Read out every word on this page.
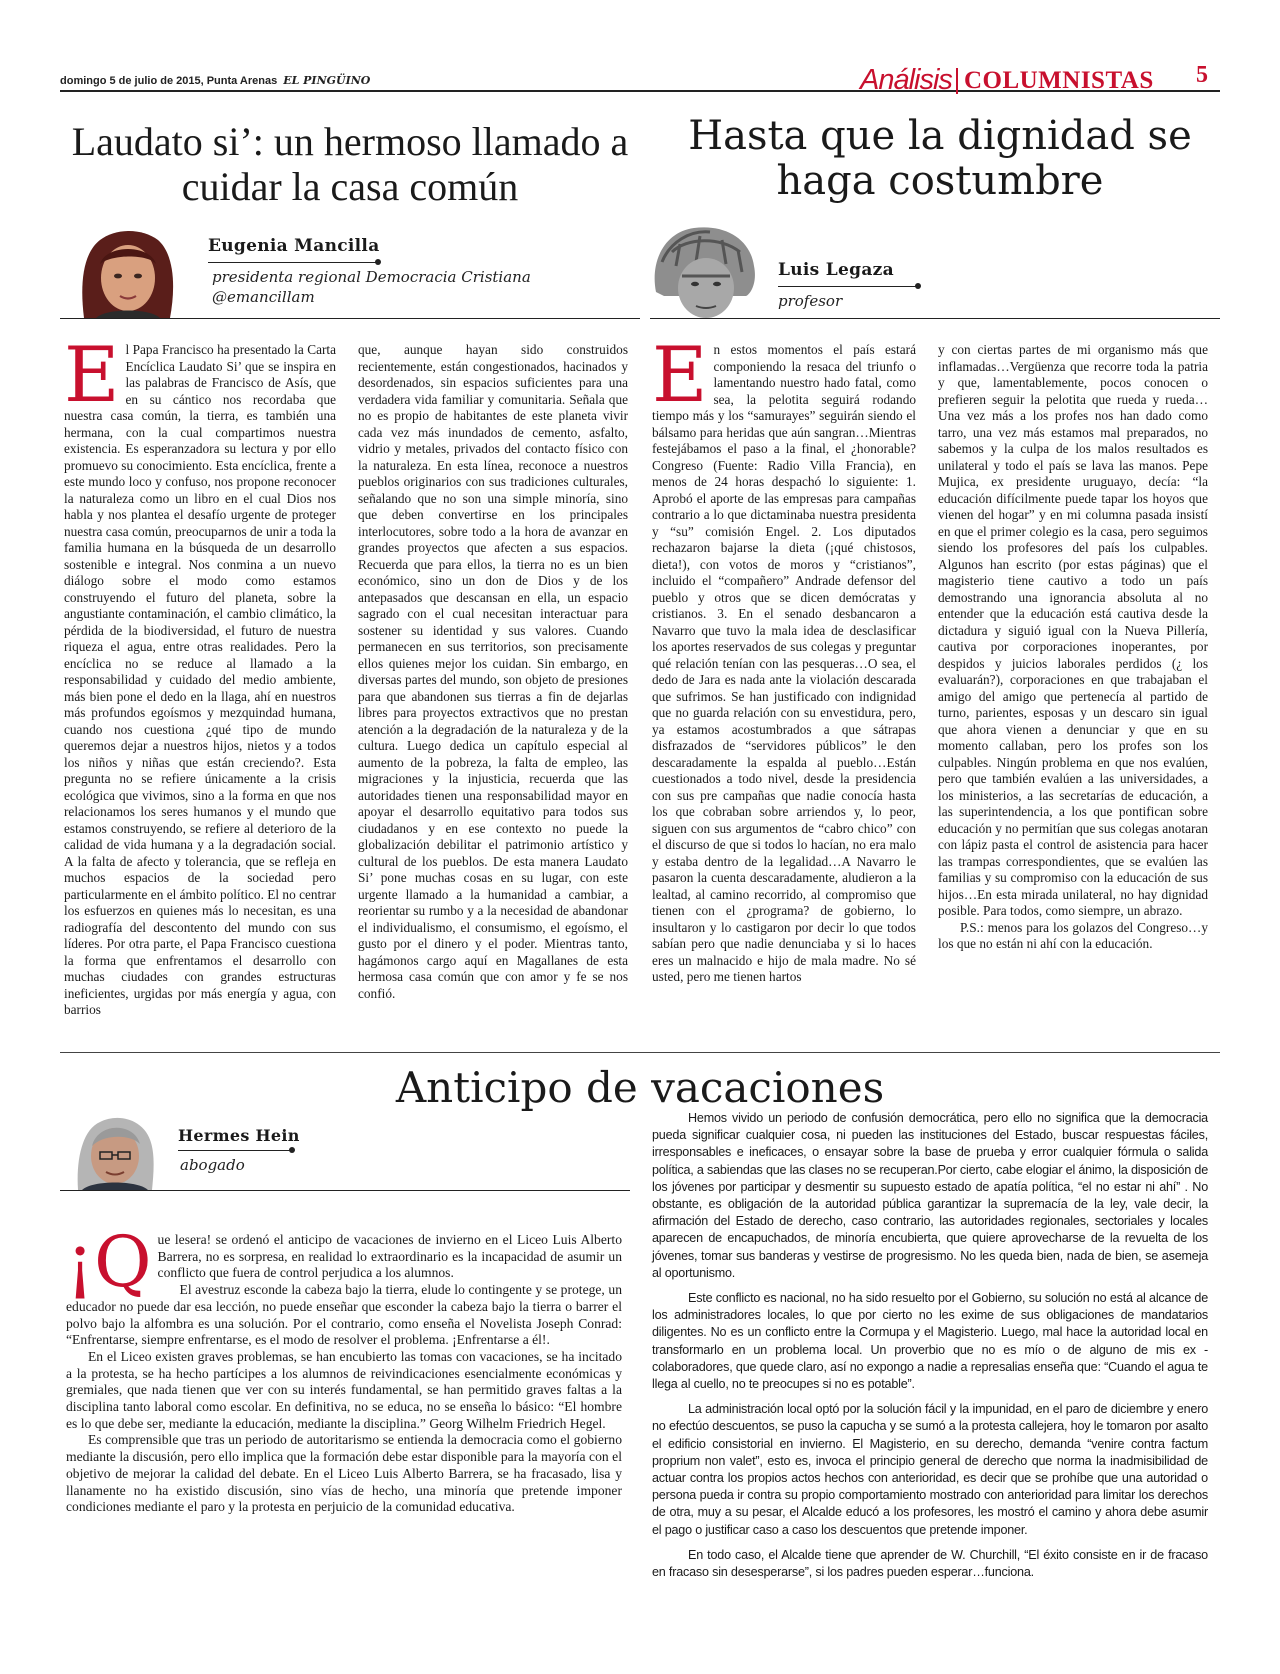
domingo 5 de julio de 2015, Punta Arenas EL PINGÜINO	Análisis COLUMNISTAS 5
Laudato si’: un hermoso llamado a cuidar la casa común
Eugenia Mancilla
presidenta regional Democracia Cristiana
@emancillam
E l Papa Francisco ha presentado la Carta Encíclica Laudato Si’ que se inspira en las palabras de Francisco de Asís, que en su cántico nos recordaba que nuestra casa común, la tierra, es también una hermana, con la cual compartimos nuestra existencia. Es esperanzadora su lectura y por ello promuevo su conocimiento. Esta encíclica, frente a este mundo loco y confuso, nos propone reconocer la naturaleza como un libro en el cual Dios nos habla y nos plantea el desafío urgente de proteger nuestra casa común, preocuparnos de unir a toda la familia humana en la búsqueda de un desarrollo sostenible e integral. Nos conmina a un nuevo diálogo sobre el modo como estamos construyendo el futuro del planeta, sobre la angustiante contaminación, el cambio climático, la pérdida de la biodiversidad, el futuro de nuestra riqueza el agua, entre otras realidades. Pero la encíclica no se reduce al llamado a la responsabilidad y cuidado del medio ambiente, más bien pone el dedo en la llaga, ahí en nuestros más profundos egoísmos y mezquindad humana, cuando nos cuestiona ¿qué tipo de mundo queremos dejar a nuestros hijos, nietos y a todos los niños y niñas que están creciendo?. Esta pregunta no se refiere únicamente a la crisis ecológica que vivimos, sino a la forma en que nos relacionamos los seres humanos y el mundo que estamos construyendo, se refiere al deterioro de la calidad de vida humana y a la degradación social. A la falta de afecto y tolerancia, que se refleja en muchos espacios de la sociedad pero particularmente en el ámbito político. El no centrar los esfuerzos en quienes más lo necesitan, es una radiografía del descontento del mundo con sus líderes. Por otra parte, el Papa Francisco cuestiona la forma que enfrentamos el desarrollo con muchas ciudades con grandes estructuras ineficientes, urgidas por más energía y agua, con barrios

que, aunque hayan sido construidos recientemente, están congestionados, hacinados y desordenados, sin espacios suficientes para una verdadera vida familiar y comunitaria. Señala que no es propio de habitantes de este planeta vivir cada vez más inundados de cemento, asfalto, vidrio y metales, privados del contacto físico con la naturaleza. En esta línea, reconoce a nuestros pueblos originarios con sus tradiciones culturales, señalando que no son una simple minoría, sino que deben convertirse en los principales interlocutores, sobre todo a la hora de avanzar en grandes proyectos que afecten a sus espacios. Recuerda que para ellos, la tierra no es un bien económico, sino un don de Dios y de los antepasados que descansan en ella, un espacio sagrado con el cual necesitan interactuar para sostener su identidad y sus valores. Cuando permanecen en sus territorios, son precisamente ellos quienes mejor los cuidan. Sin embargo, en diversas partes del mundo, son objeto de presiones para que abandonen sus tierras a fin de dejarlas libres para proyectos extractivos que no prestan atención a la degradación de la naturaleza y de la cultura. Luego dedica un capítulo especial al aumento de la pobreza, la falta de empleo, las migraciones y la injusticia, recuerda que las autoridades tienen una responsabilidad mayor en apoyar el desarrollo equitativo para todos sus ciudadanos y en ese contexto no puede la globalización debilitar el patrimonio artístico y cultural de los pueblos. De esta manera Laudato Si’ pone muchas cosas en su lugar, con este urgente llamado a la humanidad a cambiar, a reorientar su rumbo y a la necesidad de abandonar el individualismo, el consumismo, el egoísmo, el gusto por el dinero y el poder. Mientras tanto, hagámonos cargo aquí en Magallanes de esta hermosa casa común que con amor y fe se nos confió.

Hasta que la dignidad se haga costumbre
Luis Legaza
profesor
E n estos momentos el país estará componiendo la resaca del triunfo o lamentando nuestro hado fatal, como sea, la pelotita seguirá rodando tiempo más y los “samurayes” seguirán siendo el bálsamo para heridas que aún sangran…Mientras festejábamos el paso a la final, el ¿honorable? Congreso (Fuente: Radio Villa Francia), en menos de 24 horas despachó lo siguiente: 1. Aprobó el aporte de las empresas para campañas contrario a lo que dictaminaba nuestra presidenta y “su” comisión Engel. 2. Los diputados rechazaron bajarse la dieta (¡qué chistosos, dieta!), con votos de moros y “cristianos”, incluido el “compañero” Andrade defensor del pueblo y otros que se dicen demócratas y cristianos. 3. En el senado desbancaron a Navarro que tuvo la mala idea de desclasificar los aportes reservados de sus colegas y preguntar qué relación tenían con las pesqueras…O sea, el dedo de Jara es nada ante la violación descarada que sufrimos. Se han justificado con indignidad que no guarda relación con su envestidura, pero, ya estamos acostumbrados a que sátrapas disfrazados de “servidores públicos” le den descaradamente la espalda al pueblo…Están cuestionados a todo nivel, desde la presidencia con sus pre campañas que nadie conocía hasta los que cobraban sobre arriendos y, lo peor, siguen con sus argumentos de “cabro chico” con el discurso de que si todos lo hacían, no era malo y estaba dentro de la legalidad…A Navarro le pasaron la cuenta descaradamente, aludieron a la lealtad, al camino recorrido, al compromiso que tienen con el ¿programa? de gobierno, lo insultaron y lo castigaron por decir lo que todos sabían pero que nadie denunciaba y si lo haces eres un malnacido e hijo de mala madre. No sé usted, pero me tienen hartos

y con ciertas partes de mi organismo más que inflamadas…Vergüenza que recorre toda la patria y que, lamentablemente, pocos conocen o prefieren seguir la pelotita que rueda y rueda…Una vez más a los profes nos han dado como tarro, una vez más estamos mal preparados, no sabemos y la culpa de los malos resultados es unilateral y todo el país se lava las manos. Pepe Mujica, ex presidente uruguayo, decía: “la educación difícilmente puede tapar los hoyos que vienen del hogar” y en mi columna pasada insistí en que el primer colegio es la casa, pero seguimos siendo los profesores del país los culpables. Algunos han escrito (por estas páginas) que el magisterio tiene cautivo a todo un país demostrando una ignorancia absoluta al no entender que la educación está cautiva desde la dictadura y siguió igual con la Nueva Pillería, cautiva por corporaciones inoperantes, por despidos y juicios laborales perdidos (¿ los evaluarán?), corporaciones en que trabajaban el amigo del amigo que pertenecía al partido de turno, parientes, esposas y un descaro sin igual que ahora vienen a denunciar y que en su momento callaban, pero los profes son los culpables. Ningún problema en que nos evalúen, pero que también evalúen a las universidades, a los ministerios, a las secretarías de educación, a las superintendencia, a los que pontifican sobre educación y no permitían que sus colegas anotaran con lápiz pasta el control de asistencia para hacer las trampas correspondientes, que se evalúen las familias y su compromiso con la educación de sus hijos…En esta mirada unilateral, no hay dignidad posible. Para todos, como siempre, un abrazo.

P.S.: menos para los golazos del Congreso…y los que no están ni ahí con la educación.

Anticipo de vacaciones
Hermes Hein
abogado
¡Q ue lesera! se ordenó el anticipo de vacaciones de invierno en el Liceo Luis Alberto Barrera, no es sorpresa, en realidad lo extraordinario es la incapacidad de asumir un conflicto que fuera de control perjudica a los alumnos.

El avestruz esconde la cabeza bajo la tierra, elude lo contingente y se protege, un educador no puede dar esa lección, no puede enseñar que esconder la cabeza bajo la tierra o barrer el polvo bajo la alfombra es una solución. Por el contrario, como enseña el Novelista Joseph Conrad: “Enfrentarse, siempre enfrentarse, es el modo de resolver el problema. ¡Enfrentarse a él!.

En el Liceo existen graves problemas, se han encubierto las tomas con vacaciones, se ha incitado a la protesta, se ha hecho partícipes a los alumnos de reivindicaciones esencialmente económicas y gremiales, que nada tienen que ver con su interés fundamental, se han permitido graves faltas a la disciplina tanto laboral como escolar. En definitiva, no se educa, no se enseña lo básico: “El hombre es lo que debe ser, mediante la educación, mediante la disciplina.” Georg Wilhelm Friedrich Hegel.

Es comprensible que tras un periodo de autoritarismo se entienda la democracia como el gobierno mediante la discusión, pero ello implica que la formación debe estar disponible para la mayoría con el objetivo de mejorar la calidad del debate. En el Liceo Luis Alberto Barrera, se ha fracasado, lisa y llanamente no ha existido discusión, sino vías de hecho, una minoría que pretende imponer condiciones mediante el paro y la protesta en perjuicio de la comunidad educativa.

Hemos vivido un periodo de confusión democrática, pero ello no significa que la democracia pueda significar cualquier cosa, ni pueden las instituciones del Estado, buscar respuestas fáciles, irresponsables e ineficaces, o ensayar sobre la base de prueba y error cualquier fórmula o salida política, a sabiendas que las clases no se recuperan.Por cierto, cabe elogiar el ánimo, la disposición de los jóvenes por participar y desmentir su supuesto estado de apatía política, “el no estar ni ahí” . No obstante, es obligación de la autoridad pública garantizar la supremacía de la ley, vale decir, la afirmación del Estado de derecho, caso contrario, las autoridades regionales, sectoriales y locales aparecen de encapuchados, de minoría encubierta, que quiere aprovecharse de la revuelta de los jóvenes, tomar sus banderas y vestirse de progresismo. No les queda bien, nada de bien, se asemeja al oportunismo.

Este conflicto es nacional, no ha sido resuelto por el Gobierno, su solución no está al alcance de los administradores locales, lo que por cierto no les exime de sus obligaciones de mandatarios diligentes. No es un conflicto entre la Cormupa y el Magisterio. Luego, mal hace la autoridad local en transformarlo en un problema local. Un proverbio que no es mío o de alguno de mis ex - colaboradores, que quede claro, así no expongo a nadie a represalias enseña que: “Cuando el agua te llega al cuello, no te preocupes si no es potable”.

La administración local optó por la solución fácil y la impunidad, en el paro de diciembre y enero no efectúo descuentos, se puso la capucha y se sumó a la protesta callejera, hoy le tomaron por asalto el edificio consistorial en invierno. El Magisterio, en su derecho, demanda “venire contra factum proprium non valet”, esto es, invoca el principio general de derecho que norma la inadmisibilidad de actuar contra los propios actos hechos con anterioridad, es decir que se prohíbe que una autoridad o persona pueda ir contra su propio comportamiento mostrado con anterioridad para limitar los derechos de otra, muy a su pesar, el Alcalde educó a los profesores, les mostró el camino y ahora debe asumir el pago o justificar caso a caso los descuentos que pretende imponer.

En todo caso, el Alcalde tiene que aprender de W. Churchill, “El éxito consiste en ir de fracaso en fracaso sin desesperarse”, si los padres pueden esperar…funciona.
